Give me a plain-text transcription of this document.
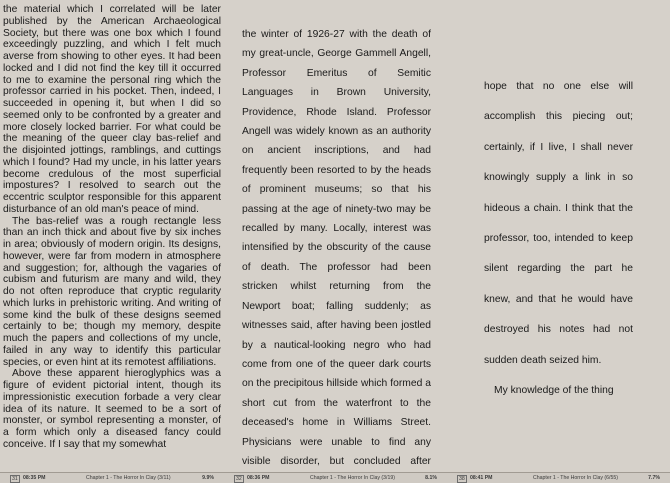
the material which I correlated will be later published by the American Archaeological Society, but there was one box which I found exceedingly puzzling, and which I felt much averse from showing to other eyes. It had been locked and I did not find the key till it occurred to me to examine the personal ring which the professor carried in his pocket. Then, indeed, I succeeded in opening it, but when I did so seemed only to be confronted by a greater and more closely locked barrier. For what could be the meaning of the queer clay bas-relief and the disjointed jottings, ramblings, and cuttings which I found? Had my uncle, in his latter years become credulous of the most superficial impostures? I resolved to search out the eccentric sculptor responsible for this apparent disturbance of an old man's peace of mind.

The bas-relief was a rough rectangle less than an inch thick and about five by six inches in area; obviously of modern origin. Its designs, however, were far from modern in atmosphere and suggestion; for, although the vagaries of cubism and futurism are many and wild, they do not often reproduce that cryptic regularity which lurks in prehistoric writing. And writing of some kind the bulk of these designs seemed certainly to be; though my memory, despite much the papers and collections of my uncle, failed in any way to identify this particular species, or even hint at its remotest affiliations.

Above these apparent hieroglyphics was a figure of evident pictorial intent, though its impressionistic execution forbade a very clear idea of its nature. It seemed to be a sort of monster, or symbol representing a monster, of a form which only a diseased fancy could conceive. If I say that my somewhat

the winter of 1926-27 with the death of my great-uncle, George Gammell Angell, Professor Emeritus of Semitic Languages in Brown University, Providence, Rhode Island. Professor Angell was widely known as an authority on ancient inscriptions, and had frequently been resorted to by the heads of prominent museums; so that his passing at the age of ninety-two may be recalled by many. Locally, interest was intensified by the obscurity of the cause of death. The professor had been stricken whilst returning from the Newport boat; falling suddenly; as witnesses said, after having been jostled by a nautical-looking negro who had come from one of the queer dark courts on the precipitous hillside which formed a short cut from the waterfront to the deceased's home in Williams Street. Physicians were unable to find any visible disorder, but concluded after

hope that no one else will accomplish this piecing out; certainly, if I live, I shall never knowingly supply a link in so hideous a chain. I think that the professor, too, intended to keep silent regarding the part he knew, and that he would have destroyed his notes had not sudden death seized him.

My knowledge of the thing

31	08:35 PM	Chapter 1 - The Horror In Clay (3/11)	9.9%	32	08:36 PM	Chapter 1 - The Horror In Clay (3/19)	8.1%	38	08:41 PM	Chapter 1 - The Horror In Clay (6/55)	7.7%
